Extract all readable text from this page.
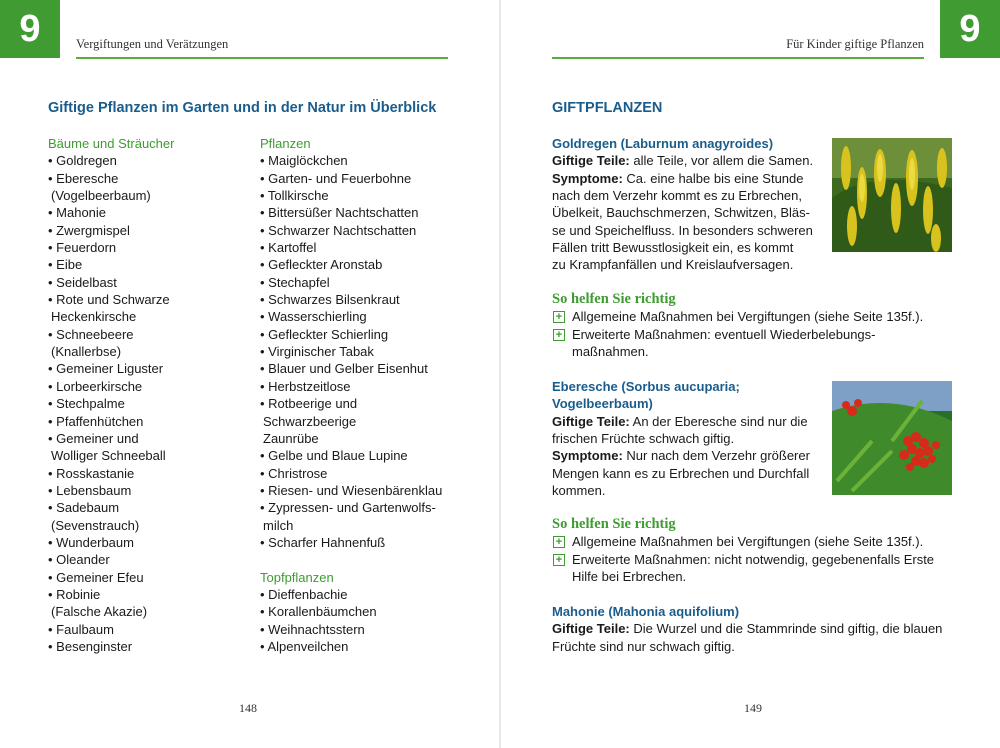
9	Vergiftungen und Verätzungen
Giftige Pflanzen im Garten und in der Natur im Überblick
Bäume und Sträucher
• Goldregen
• Eberesche
(Vogelbeerbaum)
• Mahonie
• Zwergmispel
• Feuerdorn
• Eibe
• Seidelbast
• Rote und Schwarze
Heckenkirsche
• Schneebeere
(Knallerbse)
• Gemeiner Liguster
• Lorbeerkirsche
• Stechpalme
• Pfaffenhütchen
• Gemeiner und
Wolliger Schneeball
• Rosskastanie
• Lebensbaum
• Sadebaum
(Sevenstrauch)
• Wunderbaum
• Oleander
• Gemeiner Efeu
• Robinie
(Falsche Akazie)
• Faulbaum
• Besenginster
Pflanzen
• Maiglöckchen
• Garten- und Feuerbohne
• Tollkirsche
• Bittersüßer Nachtschatten
• Schwarzer Nachtschatten
• Kartoffel
• Gefleckter Aronstab
• Stechapfel
• Schwarzes Bilsenkraut
• Wasserschierling
• Gefleckter Schierling
• Virginischer Tabak
• Blauer und Gelber Eisenhut
• Herbstzeitlose
• Rotbeerige und
Schwarzbeerige
Zaunrübe
• Gelbe und Blaue Lupine
• Christrose
• Riesen- und Wiesenbärenklau
• Zypressen- und Gartenwolfs-
milch
• Scharfer Hahnenfuß
Topfpflanzen
• Dieffenbachie
• Korallenbäumchen
• Weihnachtsstern
• Alpenveilchen
148
9
Für Kinder giftige Pflanzen
GIFTPFLANZEN
Goldregen (Laburnum anagyroides)
Giftige Teile: alle Teile, vor allem die Samen.
Symptome: Ca. eine halbe bis eine Stunde
nach dem Verzehr kommt es zu Erbrechen,
Übelkeit, Bauchschmerzen, Schwitzen, Bläs-
se und Speichelfluss. In besonders schweren
Fällen tritt Bewusstlosigkeit ein, es kommt
zu Krampfanfällen und Kreislaufversagen.
So helfen Sie richtig
+ Allgemeine Maßnahmen bei Vergiftungen (siehe Seite 135f.).
+ Erweiterte Maßnahmen: eventuell Wiederbelebungs-
maßnahmen.
Eberesche (Sorbus aucuparia;
Vogelbeerbaum)
Giftige Teile: An der Eberesche sind nur die
frischen Früchte schwach giftig.
Symptome: Nur nach dem Verzehr größerer
Mengen kann es zu Erbrechen und Durchfall
kommen.
So helfen Sie richtig
+ Allgemeine Maßnahmen bei Vergiftungen (siehe Seite 135f.).
+ Erweiterte Maßnahmen: nicht notwendig, gegebenenfalls Erste
Hilfe bei Erbrechen.
Mahonie (Mahonia aquifolium)
Giftige Teile: Die Wurzel und die Stammrinde sind giftig, die blauen
Früchte sind nur schwach giftig.
149
